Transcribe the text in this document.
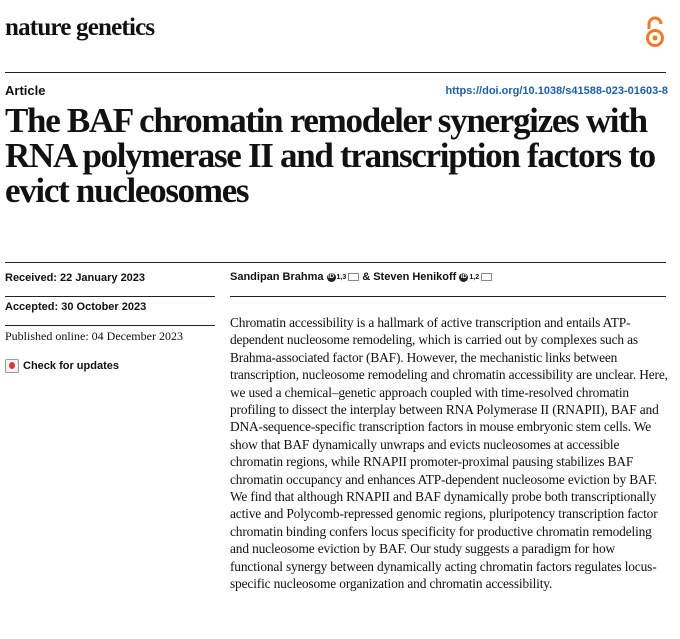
nature genetics
Article	https://doi.org/10.1038/s41588-023-01603-8
The BAF chromatin remodeler synergizes with RNA polymerase II and transcription factors to evict nucleosomes
Received: 22 January 2023
Accepted: 30 October 2023
Published online: 04 December 2023
Check for updates
Sandipan Brahma iD 1,3 & Steven Henikoff iD 1,2

Chromatin accessibility is a hallmark of active transcription and entails ATP-dependent nucleosome remodeling, which is carried out by complexes such as Brahma-associated factor (BAF). However, the mechanistic links between transcription, nucleosome remodeling and chromatin accessibility are unclear. Here, we used a chemical–genetic approach coupled with time-resolved chromatin profiling to dissect the interplay between RNA Polymerase II (RNAPII), BAF and DNA-sequence-specific transcription factors in mouse embryonic stem cells. We show that BAF dynamically unwraps and evicts nucleosomes at accessible chromatin regions, while RNAPII promoter-proximal pausing stabilizes BAF chromatin occupancy and enhances ATP-dependent nucleosome eviction by BAF. We find that although RNAPII and BAF dynamically probe both transcriptionally active and Polycomb-repressed genomic regions, pluripotency transcription factor chromatin binding confers locus specificity for productive chromatin remodeling and nucleosome eviction by BAF. Our study suggests a paradigm for how functional synergy between dynamically acting chromatin factors regulates locus-specific nucleosome organization and chromatin accessibility.
